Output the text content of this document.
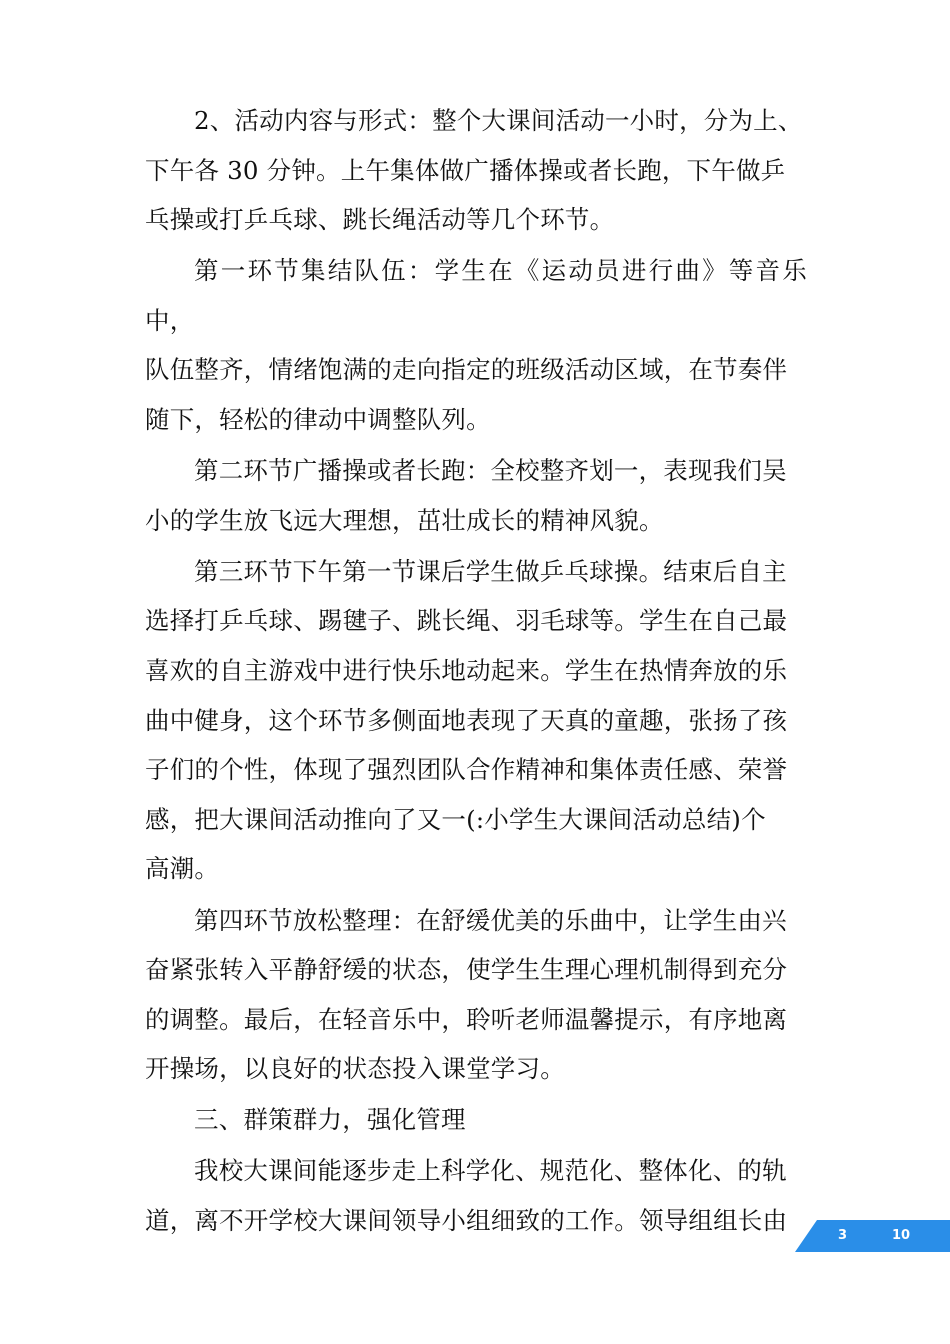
2、活动内容与形式：整个大课间活动一小时，分为上、
下午各 30 分钟。上午集体做广播体操或者长跑，下午做乒
乓操或打乒乓球、跳长绳活动等几个环节。

第一环节集结队伍：学生在《运动员进行曲》等音乐中，
队伍整齐，情绪饱满的走向指定的班级活动区域，在节奏伴
随下，轻松的律动中调整队列。

第二环节广播操或者长跑：全校整齐划一，表现我们吴
小的学生放飞远大理想，茁壮成长的精神风貌。

第三环节下午第一节课后学生做乒乓球操。结束后自主
选择打乒乓球、踢毽子、跳长绳、羽毛球等。学生在自己最
喜欢的自主游戏中进行快乐地动起来。学生在热情奔放的乐
曲中健身，这个环节多侧面地表现了天真的童趣，张扬了孩
子们的个性，体现了强烈团队合作精神和集体责任感、荣誉
感，把大课间活动推向了又一(:小学生大课间活动总结)个
高潮。

第四环节放松整理：在舒缓优美的乐曲中，让学生由兴
奋紧张转入平静舒缓的状态，使学生生理心理机制得到充分
的调整。最后，在轻音乐中，聆听老师温馨提示，有序地离
开操场，以良好的状态投入课堂学习。

三、群策群力，强化管理

我校大课间能逐步走上科学化、规范化、整体化、的轨
道，离不开学校大课间领导小组细致的工作。领导组组长由

3	10
